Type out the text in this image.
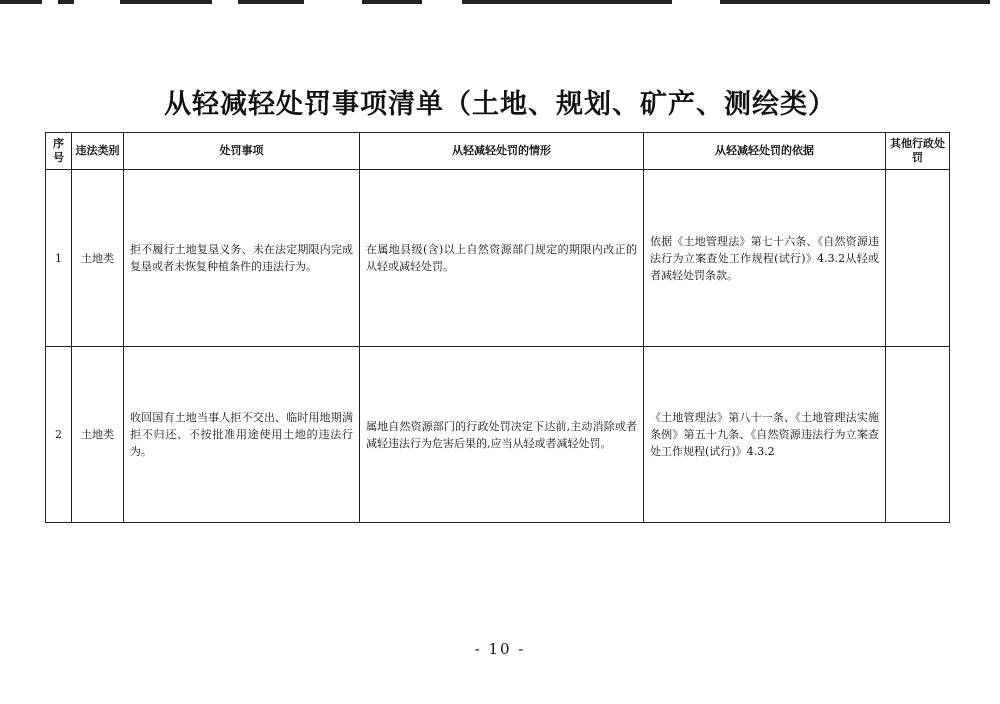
从轻减轻处罚事项清单（土地、规划、矿产、测绘类）
序号	违法类别	处罚事项	从轻减轻处罚的情形	从轻减轻处罚的依据	其他行政处罚
1	土地类	拒不履行土地复垦义务、未在法定期限内完成复垦或者未恢复种植条件的违法行为。	在属地县级(含)以上自然资源部门规定的期限内改正的从轻或减轻处罚。	依据《土地管理法》第七十六条、《自然资源违法行为立案查处工作规程(试行)》4.3.2从轻或者减轻处罚条款。	
2	土地类	收回国有土地当事人拒不交出、临时用地期满拒不归还、不按批准用途使用土地的违法行为。	属地自然资源部门的行政处罚决定下达前,主动消除或者减轻违法行为危害后果的,应当从轻或者减轻处罚。	《土地管理法》第八十一条、《土地管理法实施条例》第五十九条、《自然资源违法行为立案查处工作规程(试行)》4.3.2	
- 10 -
